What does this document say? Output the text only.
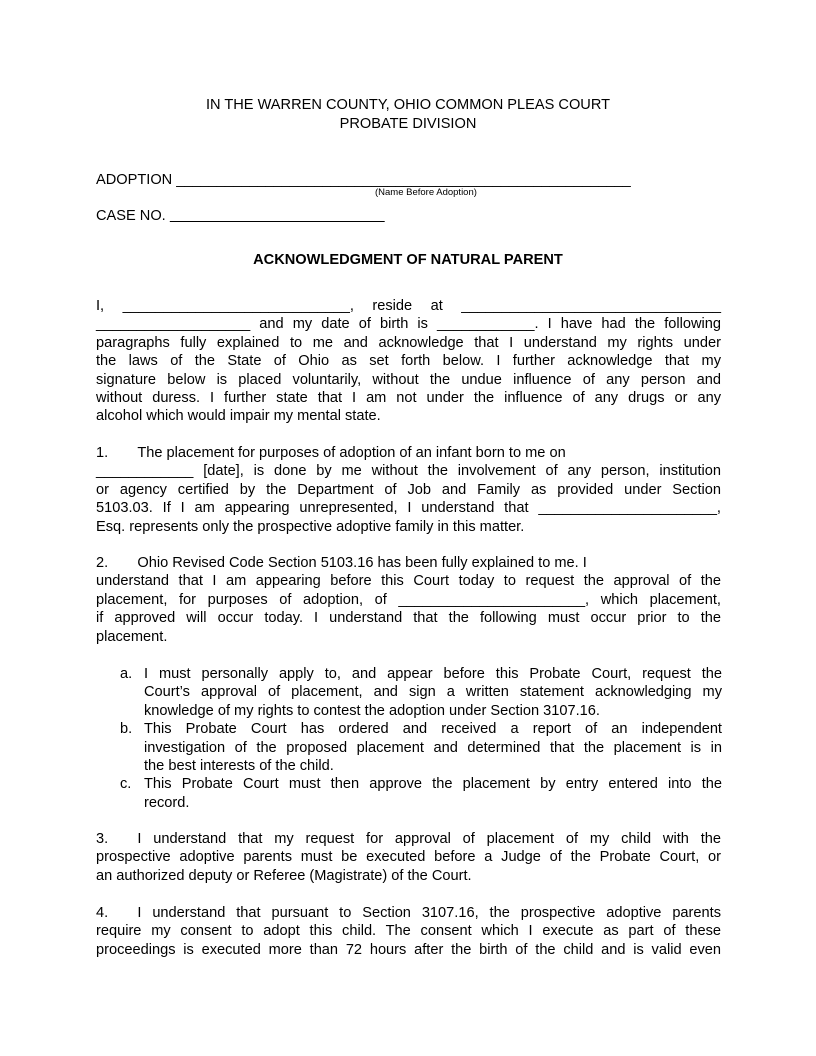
IN THE WARREN COUNTY, OHIO COMMON PLEAS COURT
PROBATE DIVISION
ADOPTION ________________________________________________________
(Name Before Adoption)
CASE NO.
ACKNOWLEDGMENT OF NATURAL PARENT
I, ____________________________, reside at ________________________________
___________________ and my date of birth is ____________. I have had the following
paragraphs fully explained to me and acknowledge that I understand my rights under
the laws of the State of Ohio as set forth below. I further acknowledge that my
signature below is placed voluntarily, without the undue influence of any person and
without duress. I further state that I am not under the influence of any drugs or any
alcohol which would impair my mental state.
1.  The placement for purposes of adoption of an infant born to me on
____________ [date], is done by me without the involvement of any person, institution
or agency certified by the Department of Job and Family as provided under Section
5103.03. If I am appearing unrepresented, I understand that ______________________,
Esq. represents only the prospective adoptive family in this matter.
2.  Ohio Revised Code Section 5103.16 has been fully explained to me. I
understand that I am appearing before this Court today to request the approval of the
placement, for purposes of adoption, of _______________________, which placement,
if approved will occur today. I understand that the following must occur prior to the
placement.
a. I must personally apply to, and appear before this Probate Court, request the
Court’s approval of placement, and sign a written statement acknowledging my
knowledge of my rights to contest the adoption under Section 3107.16.
b. This Probate Court has ordered and received a report of an independent
investigation of the proposed placement and determined that the placement is in
the best interests of the child.
c. This Probate Court must then approve the placement by entry entered into the
record.
3.  I understand that my request for approval of placement of my child with the
prospective adoptive parents must be executed before a Judge of the Probate Court, or
an authorized deputy or Referee (Magistrate) of the Court.
4.  I understand that pursuant to Section 3107.16, the prospective adoptive parents
require my consent to adopt this child. The consent which I execute as part of these
proceedings is executed more than 72 hours after the birth of the child and is valid even
